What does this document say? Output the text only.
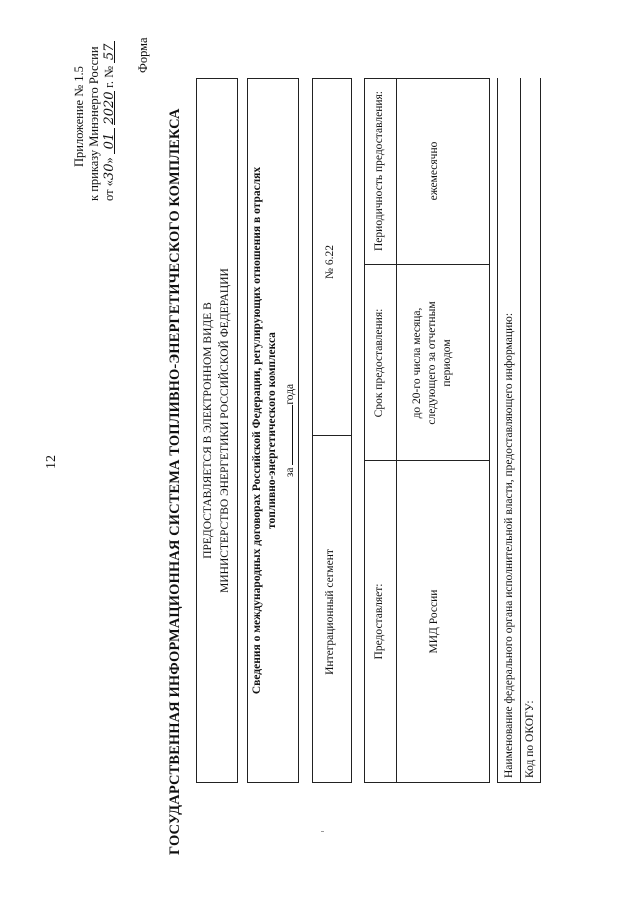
12
Приложение № 1.5 к приказу Минэнерго России от «30» 01 2020 г. № 57 Форма
ГОСУДАРСТВЕННАЯ ИНФОРМАЦИОННАЯ СИСТЕМА ТОПЛИВНО-ЭНЕРГЕТИЧЕСКОГО КОМПЛЕКСА ПРЕДОСТАВЛЯЕТСЯ В ЭЛЕКТРОННОМ ВИДЕ В МИНИСТЕРСТВО ЭНЕРГЕТИКИ РОССИЙСКОЙ ФЕДЕРАЦИИ Сведения о международных договорах Российской Федерации, регулирующих отношения в отраслях топливно-энергетического комплекса за года
Интеграционный сегмент
№ 6.22
Предоставляет:
Срок предоставления:
Периодичность предоставления:
МИД России
до 20-го числа месяца, следующего за отчетным периодом
ежемесячно
Наименование федерального органа исполнительной власти, предоставляющего информацию: Код по ОКОГУ:
